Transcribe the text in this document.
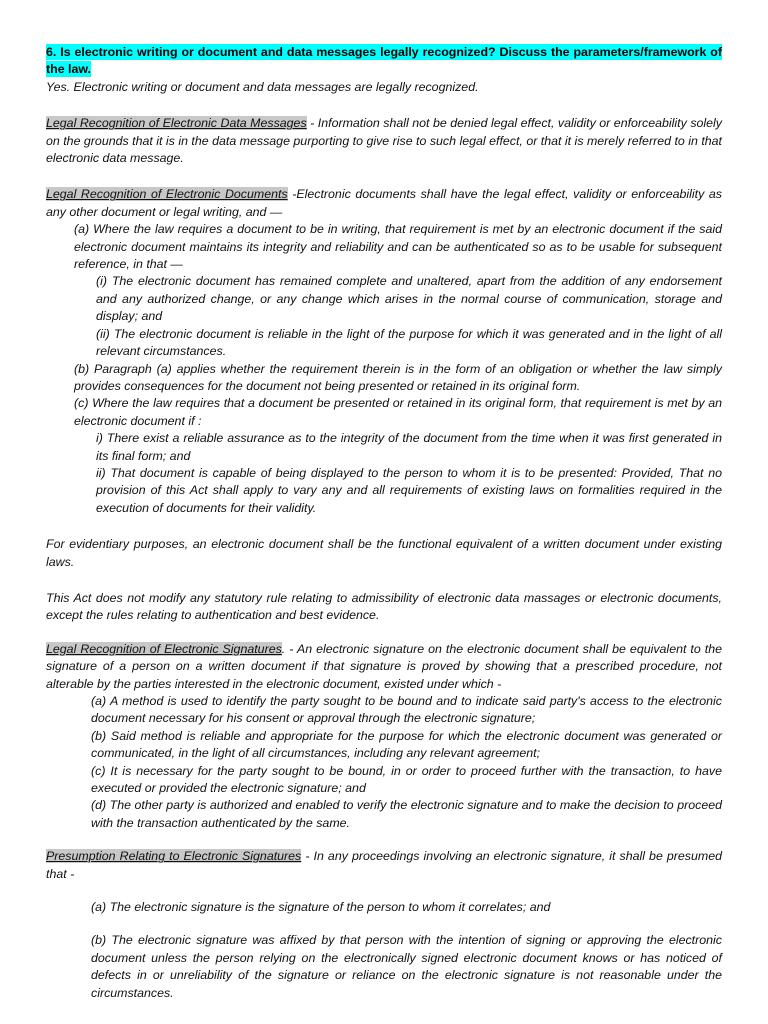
6. Is electronic writing or document and data messages legally recognized? Discuss the parameters/framework of the law.

Yes. Electronic writing or document and data messages are legally recognized.

Legal Recognition of Electronic Data Messages - Information shall not be denied legal effect, validity or enforceability solely on the grounds that it is in the data message purporting to give rise to such legal effect, or that it is merely referred to in that electronic data message.

Legal Recognition of Electronic Documents -Electronic documents shall have the legal effect, validity or enforceability as any other document or legal writing, and —

(a) Where the law requires a document to be in writing, that requirement is met by an electronic document if the said electronic document maintains its integrity and reliability and can be authenticated so as to be usable for subsequent reference, in that —

(i) The electronic document has remained complete and unaltered, apart from the addition of any endorsement and any authorized change, or any change which arises in the normal course of communication, storage and display; and

(ii) The electronic document is reliable in the light of the purpose for which it was generated and in the light of all relevant circumstances.

(b) Paragraph (a) applies whether the requirement therein is in the form of an obligation or whether the law simply provides consequences for the document not being presented or retained in its original form.

(c) Where the law requires that a document be presented or retained in its original form, that requirement is met by an electronic document if :

i) There exist a reliable assurance as to the integrity of the document from the time when it was first generated in its final form; and

ii) That document is capable of being displayed to the person to whom it is to be presented: Provided, That no provision of this Act shall apply to vary any and all requirements of existing laws on formalities required in the execution of documents for their validity.

For evidentiary purposes, an electronic document shall be the functional equivalent of a written document under existing laws.

This Act does not modify any statutory rule relating to admissibility of electronic data massages or electronic documents, except the rules relating to authentication and best evidence.

Legal Recognition of Electronic Signatures. - An electronic signature on the electronic document shall be equivalent to the signature of a person on a written document if that signature is proved by showing that a prescribed procedure, not alterable by the parties interested in the electronic document, existed under which -

(a) A method is used to identify the party sought to be bound and to indicate said party's access to the electronic document necessary for his consent or approval through the electronic signature;

(b) Said method is reliable and appropriate for the purpose for which the electronic document was generated or communicated, in the light of all circumstances, including any relevant agreement;

(c) It is necessary for the party sought to be bound, in or order to proceed further with the transaction, to have executed or provided the electronic signature; and

(d) The other party is authorized and enabled to verify the electronic signature and to make the decision to proceed with the transaction authenticated by the same.

Presumption Relating to Electronic Signatures - In any proceedings involving an electronic signature, it shall be presumed that -

(a) The electronic signature is the signature of the person to whom it correlates; and

(b) The electronic signature was affixed by that person with the intention of signing or approving the electronic document unless the person relying on the electronically signed electronic document knows or has noticed of defects in or unreliability of the signature or reliance on the electronic signature is not reasonable under the circumstances.
